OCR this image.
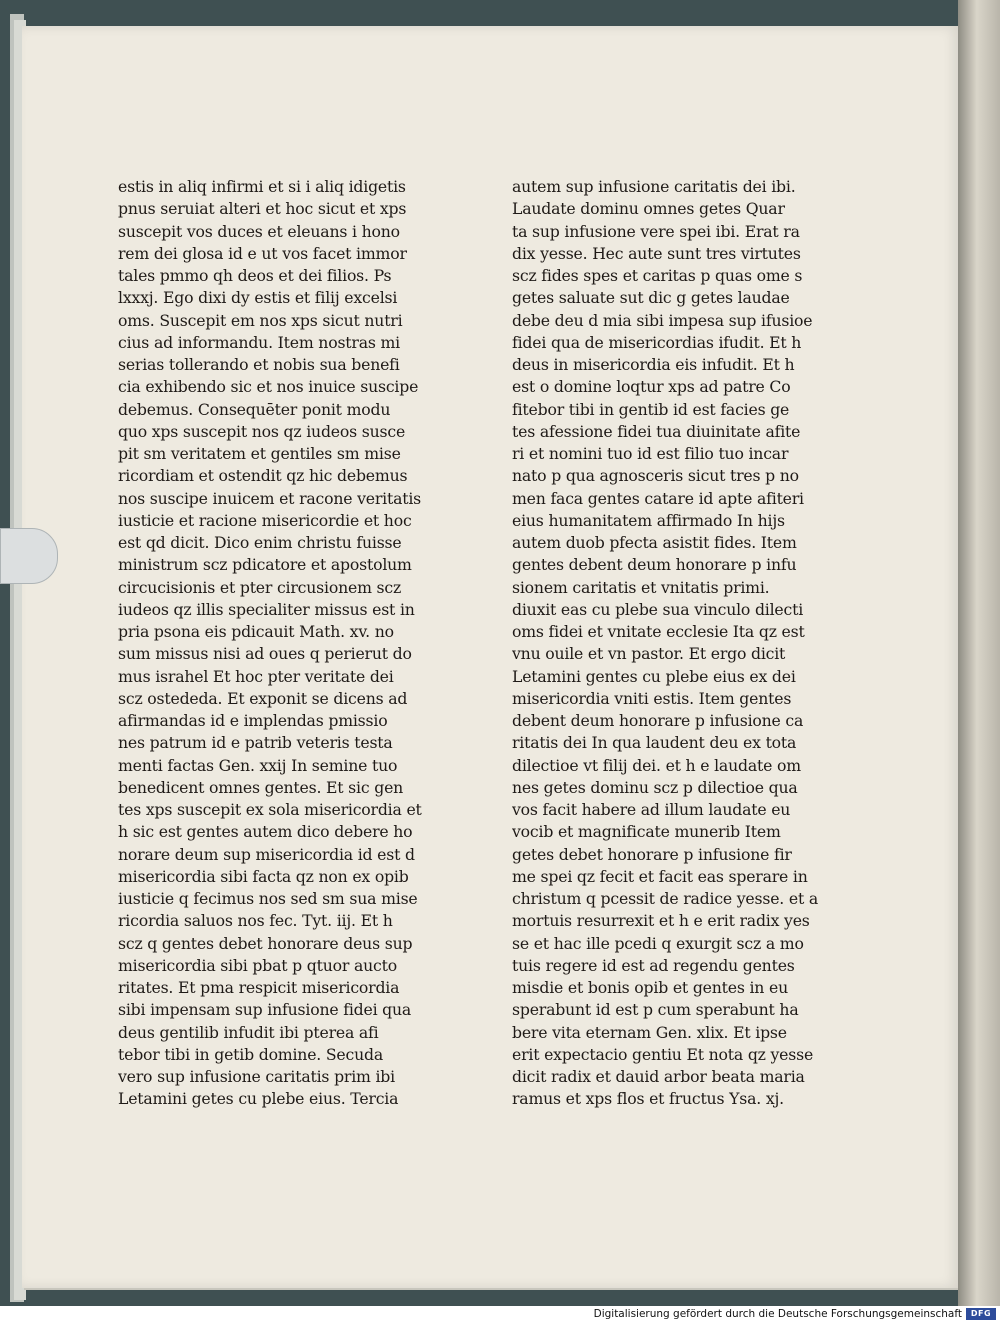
estis in aliq infirmi et si i aliq idigetis
pnus seruiat alteri et hoc sicut et xps
suscepit vos duces et eleuans i hono
rem dei glosa id e ut vos facet immor
tales pmmo qh deos et dei filios. Ps
lxxxj. Ego dixi dy estis et filij excelsi
oms. Suscepit em nos xps sicut nutri
cius ad informandu. Item nostras mi
serias tollerando et nobis sua benefi
cia exhibendo sic et nos inuice suscipe
debemus. Consequēter ponit modu
quo xps suscepit nos qz iudeos susce
pit sm veritatem et gentiles sm mise
ricordiam et ostendit qz hic debemus
nos suscipe inuicem et racone veritatis
iusticie et racione misericordie et hoc
est qd dicit. Dico enim christu fuisse
ministrum scz pdicatore et apostolum
circucisionis et pter circusionem scz
iudeos qz illis specialiter missus est in
pria psona eis pdicauit Math. xv. no
sum missus nisi ad oues q perierut do
mus israhel Et hoc pter veritate dei
scz ostededa. Et exponit se dicens ad
afirmandas id e implendas pmissio
nes patrum id e patrib veteris testa
menti factas Gen. xxij In semine tuo
benedicent omnes gentes. Et sic gen
tes xps suscepit ex sola misericordia et
h sic est gentes autem dico debere ho
norare deum sup misericordia id est d
misericordia sibi facta qz non ex opib
iusticie q fecimus nos sed sm sua mise
ricordia saluos nos fec. Tyt. iij. Et h
scz q gentes debet honorare deus sup
misericordia sibi pbat p qtuor aucto
ritates. Et pma respicit misericordia
sibi impensam sup infusione fidei qua
deus gentilib infudit ibi pterea afi
tebor tibi in getib domine. Secuda
vero sup infusione caritatis prim ibi
Letamini getes cu plebe eius. Tercia
autem sup infusione caritatis dei ibi.
Laudate dominu omnes getes Quar
ta sup infusione vere spei ibi. Erat ra
dix yesse. Hec aute sunt tres virtutes
scz fides spes et caritas p quas ome s
getes saluate sut dic g getes laudae
debe deu d mia sibi impesa sup ifusioe
fidei qua de misericordias ifudit. Et h
deus in misericordia eis infudit. Et h
est o domine loqtur xps ad patre Co
fitebor tibi in gentib id est facies ge
tes afessione fidei tua diuinitate afite
ri et nomini tuo id est filio tuo incar
nato p qua agnosceris sicut tres p no
men faca gentes catare id apte afiteri
eius humanitatem affirmado In hijs
autem duob pfecta asistit fides. Item
gentes debent deum honorare p infu
sionem caritatis et vnitatis primi.
diuxit eas cu plebe sua vinculo dilecti
oms fidei et vnitate ecclesie Ita qz est
vnu ouile et vn pastor. Et ergo dicit
Letamini gentes cu plebe eius ex dei
misericordia vniti estis. Item gentes
debent deum honorare p infusione ca
ritatis dei In qua laudent deu ex tota
dilectioe vt filij dei. et h e laudate om
nes getes dominu scz p dilectioe qua
vos facit habere ad illum laudate eu
vocib et magnificate munerib Item
getes debet honorare p infusione fir
me spei qz fecit et facit eas sperare in
christum q pcessit de radice yesse. et a
mortuis resurrexit et h e erit radix yes
se et hac ille pcedi q exurgit scz a mo
tuis regere id est ad regendu gentes
misdie et bonis opib et gentes in eu
sperabunt id est p cum sperabunt ha
bere vita eternam Gen. xlix. Et ipse
erit expectacio gentiu Et nota qz yesse
dicit radix et dauid arbor beata maria
ramus et xps flos et fructus Ysa. xj.
Digitalisierung gefördert durch die Deutsche Forschungsgemeinschaft	DFG
